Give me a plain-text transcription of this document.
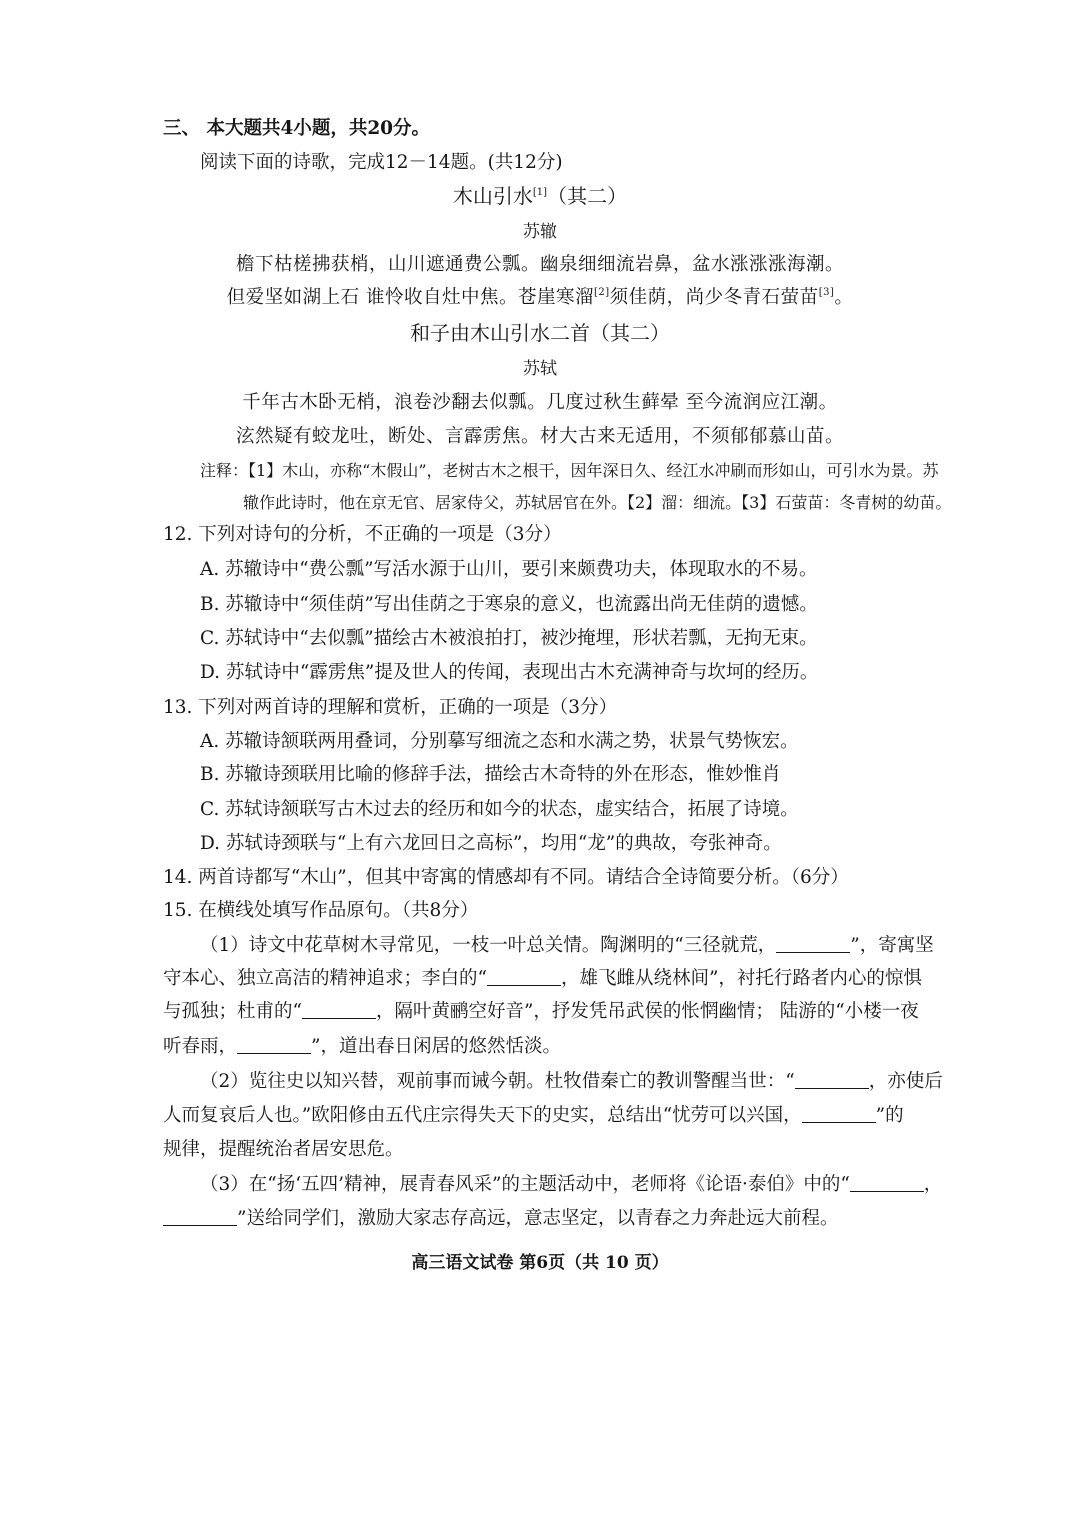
三、 本大题共4小题，共20分。
阅读下面的诗歌，完成12－14题。(共12分)
木山引水[1]（其二）
苏辙
檐下枯槎拂获梢，山川遮通费公瓢。幽泉细细流岩鼻，盆水涨涨涨海潮。
但爱坚如湖上石 谁怜收自灶中焦。苍崖寒溜[2]须佳荫，尚少冬青石萤苗[3]。
和子由木山引水二首（其二）
苏轼
千年古木卧无梢，浪卷沙翻去似瓢。几度过秋生藓晕 至今流润应江潮。
泫然疑有蛟龙吐，断处、言霹雳焦。材大古来无适用，不须郁郁慕山苗。
注释：【1】木山，亦称“木假山”，老树古木之根干，因年深日久、经江水冲刷而形如山，可引水为景。苏
辙作此诗时，他在京无官、居家侍父，苏轼居官在外。【2】溜：细流。【3】石萤苗：冬青树的幼苗。
12. 下列对诗句的分析，不正确的一项是（3分）
A. 苏辙诗中“费公瓢”写活水源于山川，要引来颇费功夫，体现取水的不易。
B. 苏辙诗中“须佳荫”写出佳荫之于寒泉的意义，也流露出尚无佳荫的遗憾。
C. 苏轼诗中“去似瓢”描绘古木被浪拍打，被沙掩埋，形状若瓢，无拘无束。
D. 苏轼诗中“霹雳焦”提及世人的传闻，表现出古木充满神奇与坎坷的经历。
13. 下列对两首诗的理解和赏析，正确的一项是（3分）
A. 苏辙诗颔联两用叠词，分别摹写细流之态和水满之势，状景气势恢宏。
B. 苏辙诗颈联用比喻的修辞手法，描绘古木奇特的外在形态，惟妙惟肖
C. 苏轼诗颔联写古木过去的经历和如今的状态，虚实结合，拓展了诗境。
D. 苏轼诗颈联与“上有六龙回日之高标”，均用“龙”的典故，夸张神奇。
14. 两首诗都写“木山”，但其中寄寓的情感却有不同。请结合全诗简要分析。（6分）
15. 在横线处填写作品原句。（共8分）
（1）诗文中花草树木寻常见，一枝一叶总关情。陶渊明的“三径就荒，	”，寄寓坚
守本心、独立高洁的精神追求；李白的“	，雄飞雌从绕林间”，衬托行路者内心的惊惧
与孤独；杜甫的“	，隔叶黄鹂空好音”，抒发凭吊武侯的怅惘幽情； 陆游的“小楼一夜
听春雨，	”，道出春日闲居的悠然恬淡。
（2）览往史以知兴替，观前事而诫今朝。杜牧借秦亡的教训警醒当世：“	，亦使后
人而复哀后人也。”欧阳修由五代庄宗得失天下的史实，总结出“忧劳可以兴国，	”的
规律，提醒统治者居安思危。
（3）在“扬‘五四’精神，展青春风采”的主题活动中，老师将《论语·泰伯》中的“	，
”送给同学们，激励大家志存高远，意志坚定，以青春之力奔赴远大前程。
高三语文试卷 第6页（共 10 页）
